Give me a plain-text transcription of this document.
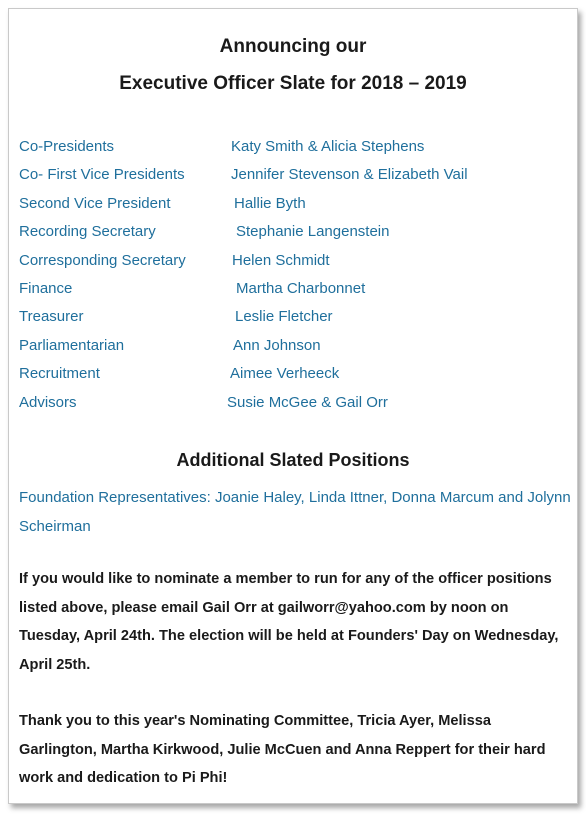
Announcing our
Executive Officer Slate for 2018 – 2019
Co-Presidents	Katy Smith & Alicia Stephens
Co- First Vice Presidents	Jennifer Stevenson & Elizabeth Vail
Second Vice President	Hallie Byth
Recording Secretary	Stephanie Langenstein
Corresponding Secretary	Helen Schmidt
Finance	Martha Charbonnet
Treasurer	Leslie Fletcher
Parliamentarian	Ann Johnson
Recruitment	Aimee Verheeck
Advisors	Susie McGee & Gail Orr
Additional Slated Positions
Foundation Representatives: Joanie Haley, Linda Ittner, Donna Marcum and Jolynn Scheirman
If you would like to nominate a member to run for any of the officer positions listed above, please email Gail Orr at gailworr@yahoo.com by noon on Tuesday, April 24th. The election will be held at Founders' Day on Wednesday, April 25th.
Thank you to this year's Nominating Committee, Tricia Ayer, Melissa Garlington, Martha Kirkwood, Julie McCuen and Anna Reppert for their hard work and dedication to Pi Phi!
